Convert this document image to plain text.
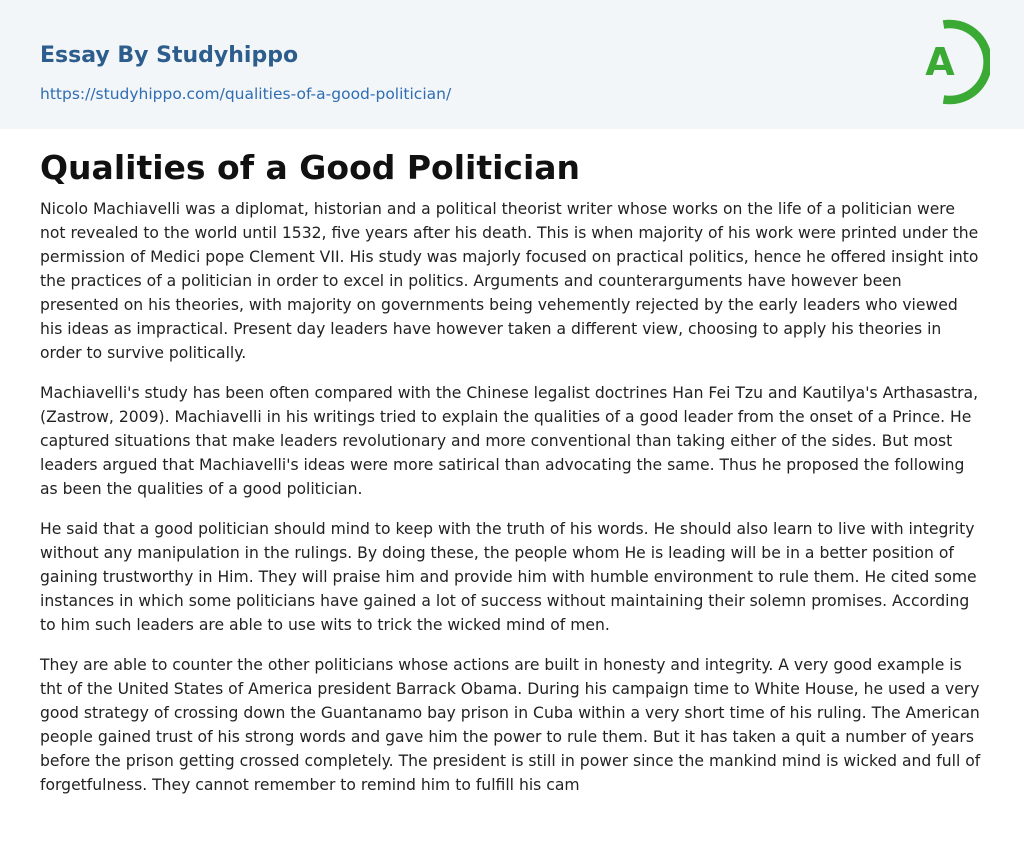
Essay By Studyhippo
https://studyhippo.com/qualities-of-a-good-politician/
A
Qualities of a Good Politician

Nicolo Machiavelli was a diplomat, historian and a political theorist writer whose works on the life of a politician were not revealed to the world until 1532, five years after his death. This is when majority of his work were printed under the permission of Medici pope Clement VII. His study was majorly focused on practical politics, hence he offered insight into the practices of a politician in order to excel in politics. Arguments and counterarguments have however been presented on his theories, with majority on governments being vehemently rejected by the early leaders who viewed his ideas as impractical. Present day leaders have however taken a different view, choosing to apply his theories in order to survive politically.

Machiavelli's study has been often compared with the Chinese legalist doctrines Han Fei Tzu and Kautilya's Arthasastra, (Zastrow, 2009). Machiavelli in his writings tried to explain the qualities of a good leader from the onset of a Prince. He captured situations that make leaders revolutionary and more conventional than taking either of the sides. But most leaders argued that Machiavelli's ideas were more satirical than advocating the same. Thus he proposed the following as been the qualities of a good politician.

He said that a good politician should mind to keep with the truth of his words. He should also learn to live with integrity without any manipulation in the rulings. By doing these, the people whom He is leading will be in a better position of gaining trustworthy in Him. They will praise him and provide him with humble environment to rule them. He cited some instances in which some politicians have gained a lot of success without maintaining their solemn promises. According to him such leaders are able to use wits to trick the wicked mind of men.

They are able to counter the other politicians whose actions are built in honesty and integrity. A very good example is tht of the United States of America president Barrack Obama. During his campaign time to White House, he used a very good strategy of crossing down the Guantanamo bay prison in Cuba within a very short time of his ruling. The American people gained trust of his strong words and gave him the power to rule them. But it has taken a quit a number of years before the prison getting crossed completely. The president is still in power since the mankind mind is wicked and full of forgetfulness. They cannot remember to remind him to fulfill his cam
